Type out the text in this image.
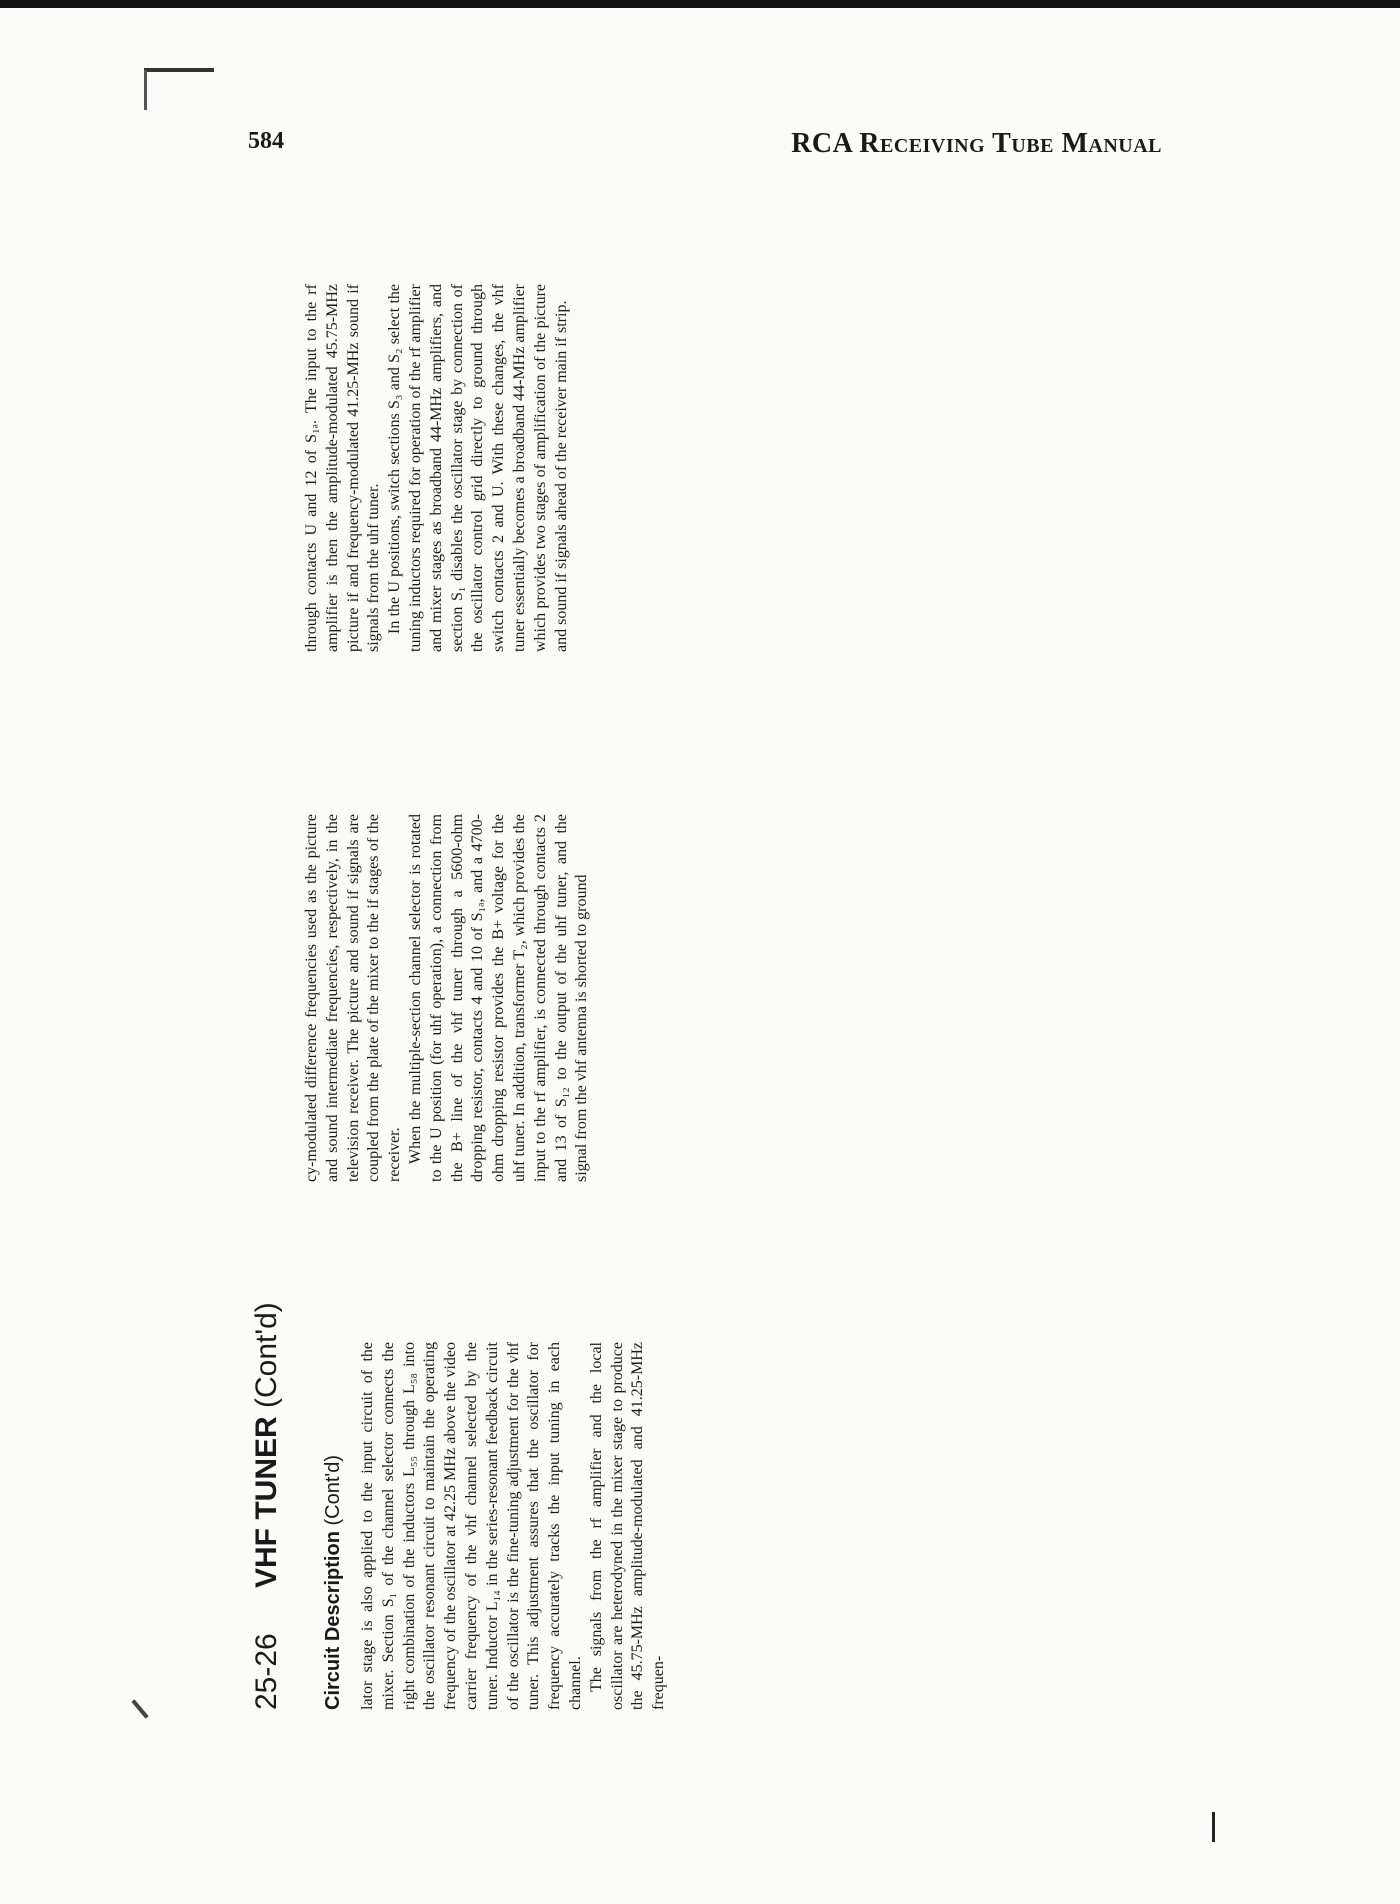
584	RCA Receiving Tube Manual
25-26
VHF TUNER (Cont'd)
Circuit Description (Cont'd) lator stage is also applied to the input circuit of the mixer. Section S₁ of the channel selector connects the right combination of the inductors L₅₅ through L₅₈ into the oscillator resonant circuit to maintain the operating frequency of the oscillator at 42.25 MHz above the video carrier frequency of the vhf channel selected by the tuner. Inductor L₁₄ in the series-resonant feedback circuit of the oscillator is the fine-tuning adjustment for the vhf tuner. This adjustment assures that the oscillator for frequency accurately tracks the input tuning in each channel. The signals from the rf amplifier and the local oscillator are heterodyned in the mixer stage to produce the 45.75-MHz amplitude-modulated and 41.25-MHz frequen-

cy-modulated difference frequencies used as the picture and sound intermediate frequencies, respectively, in the television receiver. The picture and sound if signals are coupled from the plate of the mixer to the if stages of the receiver. When the multiple-section channel selector is rotated to the U position (for uhf operation), a connection from the B+ line of the vhf tuner through a 5600-ohm dropping resistor, contacts 4 and 10 of S₁ₐ, and a 4700-ohm dropping resistor provides the B+ voltage for the uhf tuner. In addition, transformer T₂, which provides the input to the rf amplifier, is connected through contacts 2 and 13 of S₁₂ to the output of the uhf tuner, and the signal from the vhf antenna is shorted to ground

through contacts U and 12 of S₁ₐ. The input to the rf amplifier is then the amplitude-modulated 45.75-MHz picture if and frequency-modulated 41.25-MHz sound if signals from the uhf tuner. In the U positions, switch sections S₃ and S₂ select the tuning inductors required for operation of the rf amplifier and mixer stages as broadband 44-MHz amplifiers, and section S₁ disables the oscillator stage by connection of the oscillator control grid directly to ground through switch contacts 2 and U. With these changes, the vhf tuner essentially becomes a broadband 44-MHz amplifier which provides two stages of amplification of the picture and sound if signals ahead of the receiver main if strip.
